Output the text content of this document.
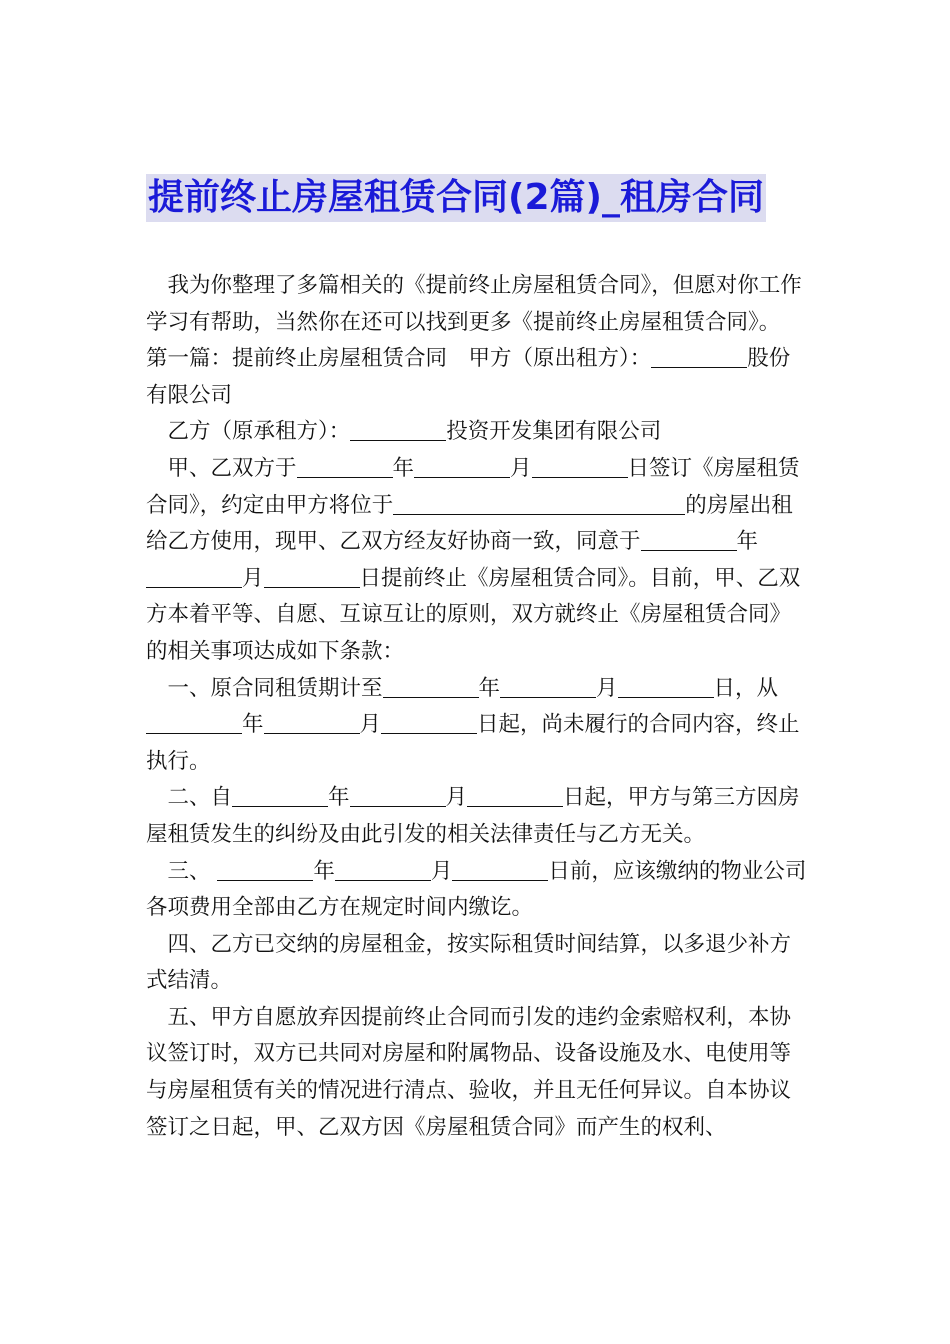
提前终止房屋租赁合同(2篇)_租房合同

我为你整理了多篇相关的《提前终止房屋租赁合同》，但愿对你工作学习有帮助，当然你在还可以找到更多《提前终止房屋租赁合同》。

第一篇：提前终止房屋租赁合同　甲方（原出租方）：	股份有限公司

乙方（原承租方）：	投资开发集团有限公司

甲、乙双方于	年	月	日签订《房屋租赁合同》，约定由甲方将位于	的房屋出租给乙方使用，现甲、乙双方经友好协商一致，同意于	年月	日提前终止《房屋租赁合同》。目前，甲、乙双方本着平等、自愿、互谅互让的原则，双方就终止《房屋租赁合同》的相关事项达成如下条款：

一、原合同租赁期计至	年	月	日，从年	月	日起，尚未履行的合同内容，终止执行。

二、自	年	月	日起，甲方与第三方因房屋租赁发生的纠纷及由此引发的相关法律责任与乙方无关。

三、	年	月	日前，应该缴纳的物业公司各项费用全部由乙方在规定时间内缴讫。

四、乙方已交纳的房屋租金，按实际租赁时间结算，以多退少补方式结清。

五、甲方自愿放弃因提前终止合同而引发的违约金索赔权利，本协议签订时，双方已共同对房屋和附属物品、设备设施及水、电使用等与房屋租赁有关的情况进行清点、验收，并且无任何异议。自本协议签订之日起，甲、乙双方因《房屋租赁合同》而产生的权利、
